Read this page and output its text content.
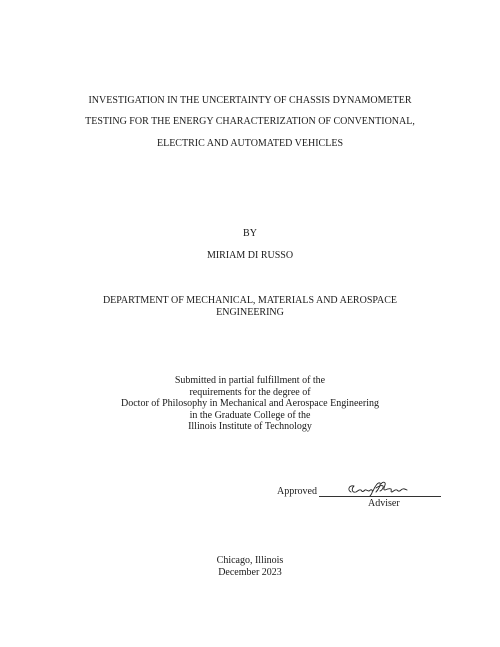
INVESTIGATION IN THE UNCERTAINTY OF CHASSIS DYNAMOMETER
TESTING FOR THE ENERGY CHARACTERIZATION OF CONVENTIONAL,
ELECTRIC AND AUTOMATED VEHICLES
BY
MIRIAM DI RUSSO
DEPARTMENT OF MECHANICAL, MATERIALS AND AEROSPACE
ENGINEERING
Submitted in partial fulfillment of the
requirements for the degree of
Doctor of Philosophy in Mechanical and Aerospace Engineering
in the Graduate College of the
Illinois Institute of Technology
Approved
Adviser
Chicago, Illinois
December 2023
